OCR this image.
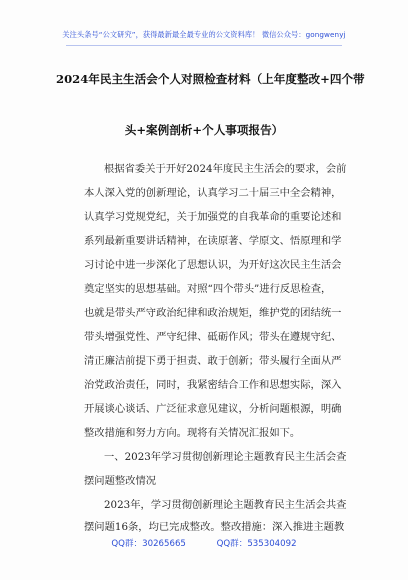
关注头条号“公文研究”，获得最新最全最专业的公文资料库！ 微信公众号：gongwenyj
2024年民主生活会个人对照检查材料（上年度整改+四个带
头+案例剖析+个人事项报告）
根据省委关于开好2024年度民主生活会的要求，会前
本人深入党的创新理论，认真学习二十届三中全会精神，
认真学习党规党纪，关于加强党的自我革命的重要论述和
系列最新重要讲话精神，在读原著、学原文、悟原理和学
习讨论中进一步深化了思想认识，为开好这次民主生活会
奠定坚实的思想基础。对照“四个带头”进行反思检查，
也就是带头严守政治纪律和政治规矩，维护党的团结统一
带头增强党性、严守纪律、砥砺作风；带头在遵规守纪、
清正廉洁前提下勇于担责、敢于创新；带头履行全面从严
治党政治责任，同时，我紧密结合工作和思想实际，深入
开展谈心谈话、广泛征求意见建议，分析问题根源，明确
整改措施和努力方向。现将有关情况汇报如下。
一、2023年学习贯彻创新理论主题教育民主生活会查
摆问题整改情况
2023年，学习贯彻创新理论主题教育民主生活会共查
摆问题16条，均已完成整改。整改措施：深入推进主题教
QQ群：30265665	QQ群：535304092
